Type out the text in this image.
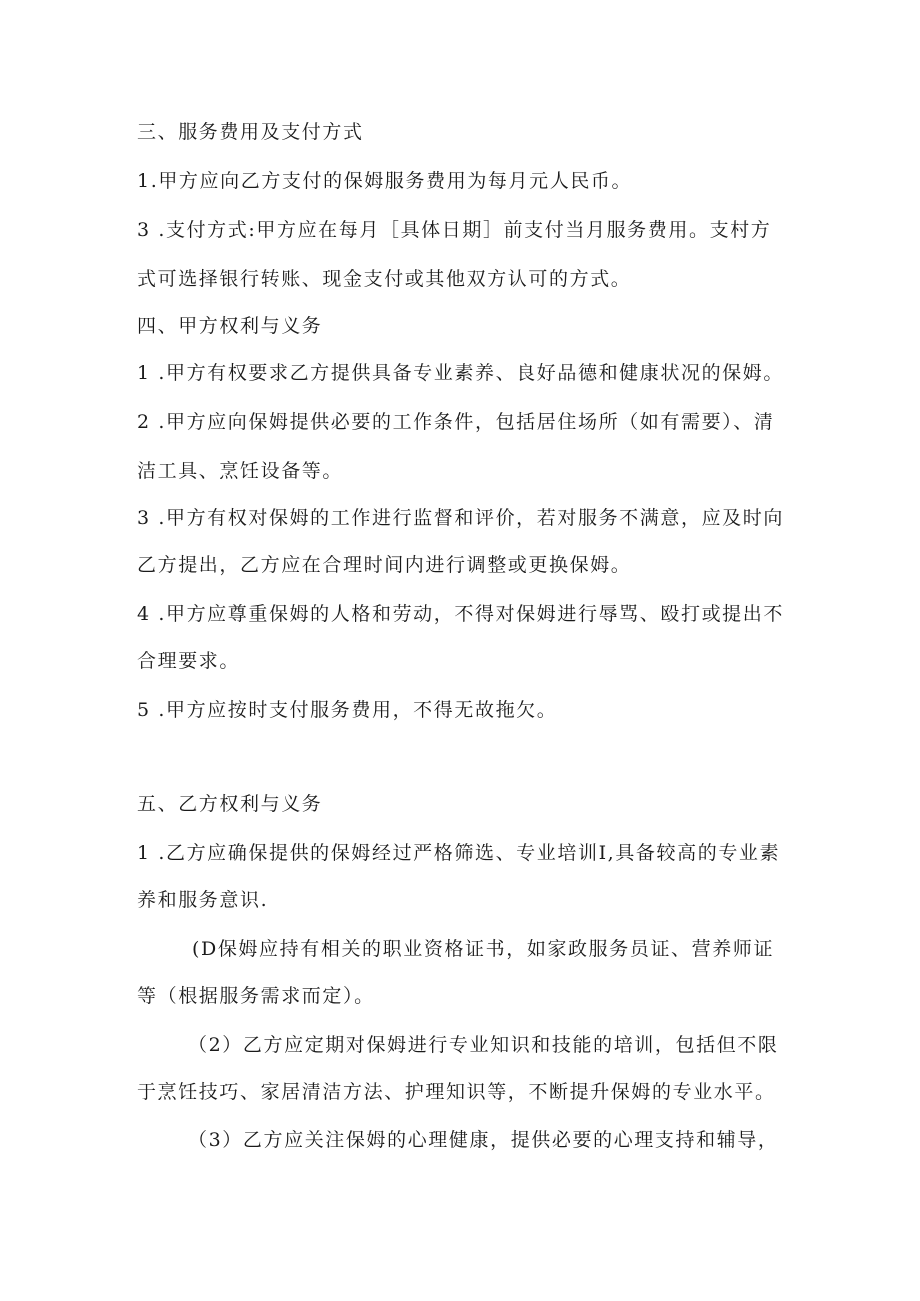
三、服务费用及支付方式
1.甲方应向乙方支付的保姆服务费用为每月元人民币。
3 .支付方式:甲方应在每月［具体日期］前支付当月服务费用。支村方
式可选择银行转账、现金支付或其他双方认可的方式。
四、甲方权利与义务
1 .甲方有权要求乙方提供具备专业素养、良好品德和健康状况的保姆。
2 .甲方应向保姆提供必要的工作条件，包括居住场所（如有需要）、清
洁工具、烹饪设备等。
3 .甲方有权对保姆的工作进行监督和评价，若对服务不满意，应及时向
乙方提出，乙方应在合理时间内进行调整或更换保姆。
4 .甲方应尊重保姆的人格和劳动，不得对保姆进行辱骂、殴打或提出不
合理要求。
5 .甲方应按时支付服务费用，不得无故拖欠。
五、乙方权利与义务
1 .乙方应确保提供的保姆经过严格筛选、专业培训I,具备较高的专业素
养和服务意识.
(D保姆应持有相关的职业资格证书，如家政服务员证、营养师证
等（根据服务需求而定）。
（2）乙方应定期对保姆进行专业知识和技能的培训，包括但不限
于烹饪技巧、家居清洁方法、护理知识等，不断提升保姆的专业水平。
（3）乙方应关注保姆的心理健康，提供必要的心理支持和辅导，
